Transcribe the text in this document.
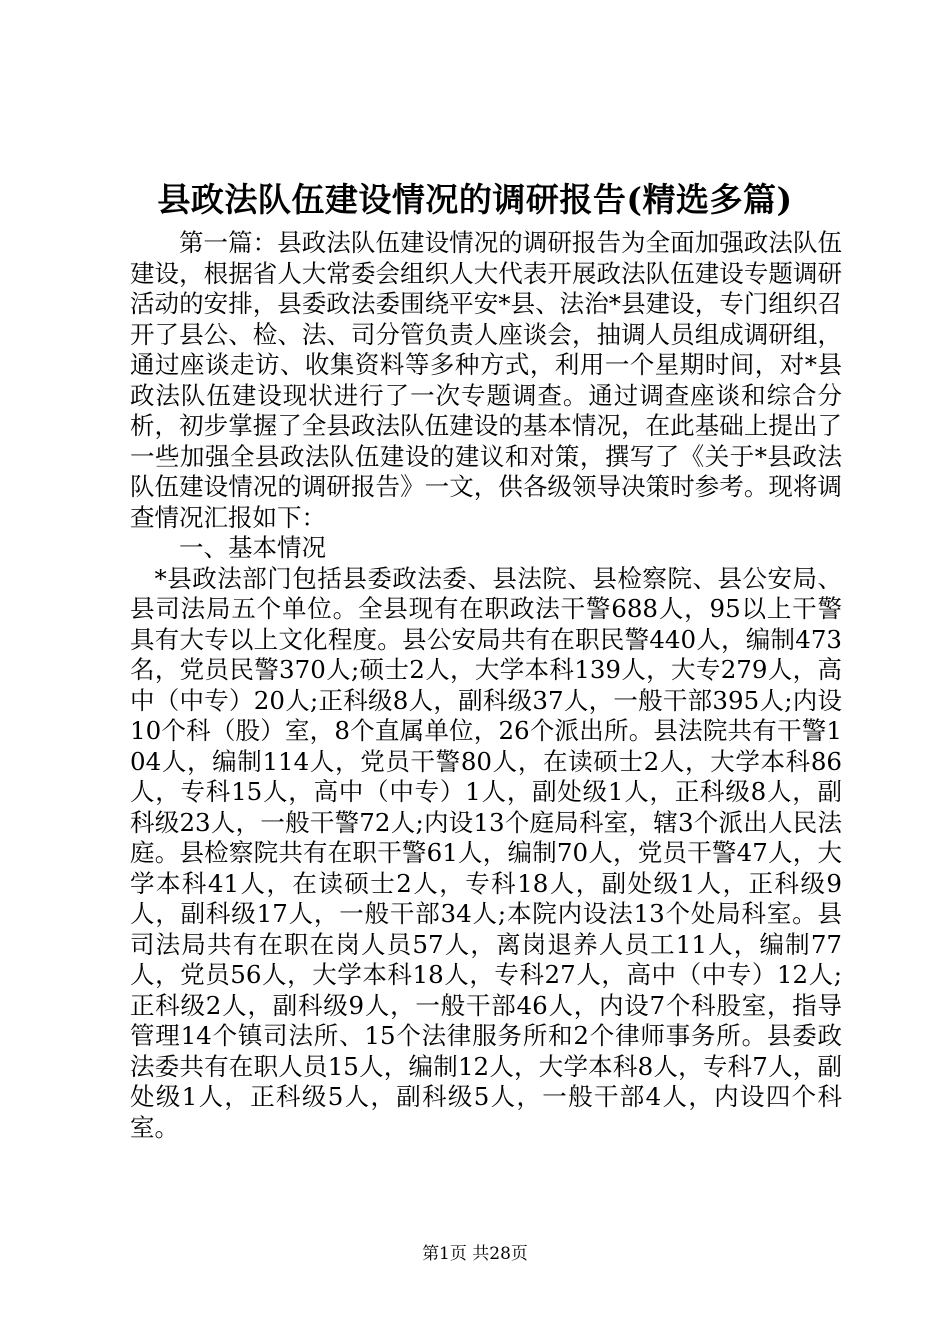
县政法队伍建设情况的调研报告(精选多篇)

第一篇：县政法队伍建设情况的调研报告为全面加强政法队伍建设，根据省人大常委会组织人大代表开展政法队伍建设专题调研活动的安排，县委政法委围绕平安*县、法治*县建设，专门组织召开了县公、检、法、司分管负责人座谈会，抽调人员组成调研组，通过座谈走访、收集资料等多种方式，利用一个星期时间，对*县政法队伍建设现状进行了一次专题调查。通过调查座谈和综合分析，初步掌握了全县政法队伍建设的基本情况，在此基础上提出了一些加强全县政法队伍建设的建议和对策，撰写了《关于*县政法队伍建设情况的调研报告》一文，供各级领导决策时参考。现将调查情况汇报如下：

一、基本情况

*县政法部门包括县委政法委、县法院、县检察院、县公安局、县司法局五个单位。全县现有在职政法干警688人，95以上干警具有大专以上文化程度。县公安局共有在职民警440人，编制473名，党员民警370人;硕士2人，大学本科139人，大专279人，高中（中专）20人;正科级8人，副科级37人，一般干部395人;内设10个科（股）室，8个直属单位，26个派出所。县法院共有干警104人，编制114人，党员干警80人，在读硕士2人，大学本科86人，专科15人，高中（中专）1人，副处级1人，正科级8人，副科级23人，一般干警72人;内设13个庭局科室，辖3个派出人民法庭。县检察院共有在职干警61人，编制70人，党员干警47人，大学本科41人，在读硕士2人，专科18人，副处级1人，正科级9人，副科级17人，一般干部34人;本院内设法13个处局科室。县司法局共有在职在岗人员57人，离岗退养人员工11人，编制77人，党员56人，大学本科18人，专科27人，高中（中专）12人;正科级2人，副科级9人，一般干部46人，内设7个科股室，指导管理14个镇司法所、15个法律服务所和2个律师事务所。县委政法委共有在职人员15人，编制12人，大学本科8人，专科7人，副处级1人，正科级5人，副科级5人，一般干部4人，内设四个科室。

第1页 共28页
